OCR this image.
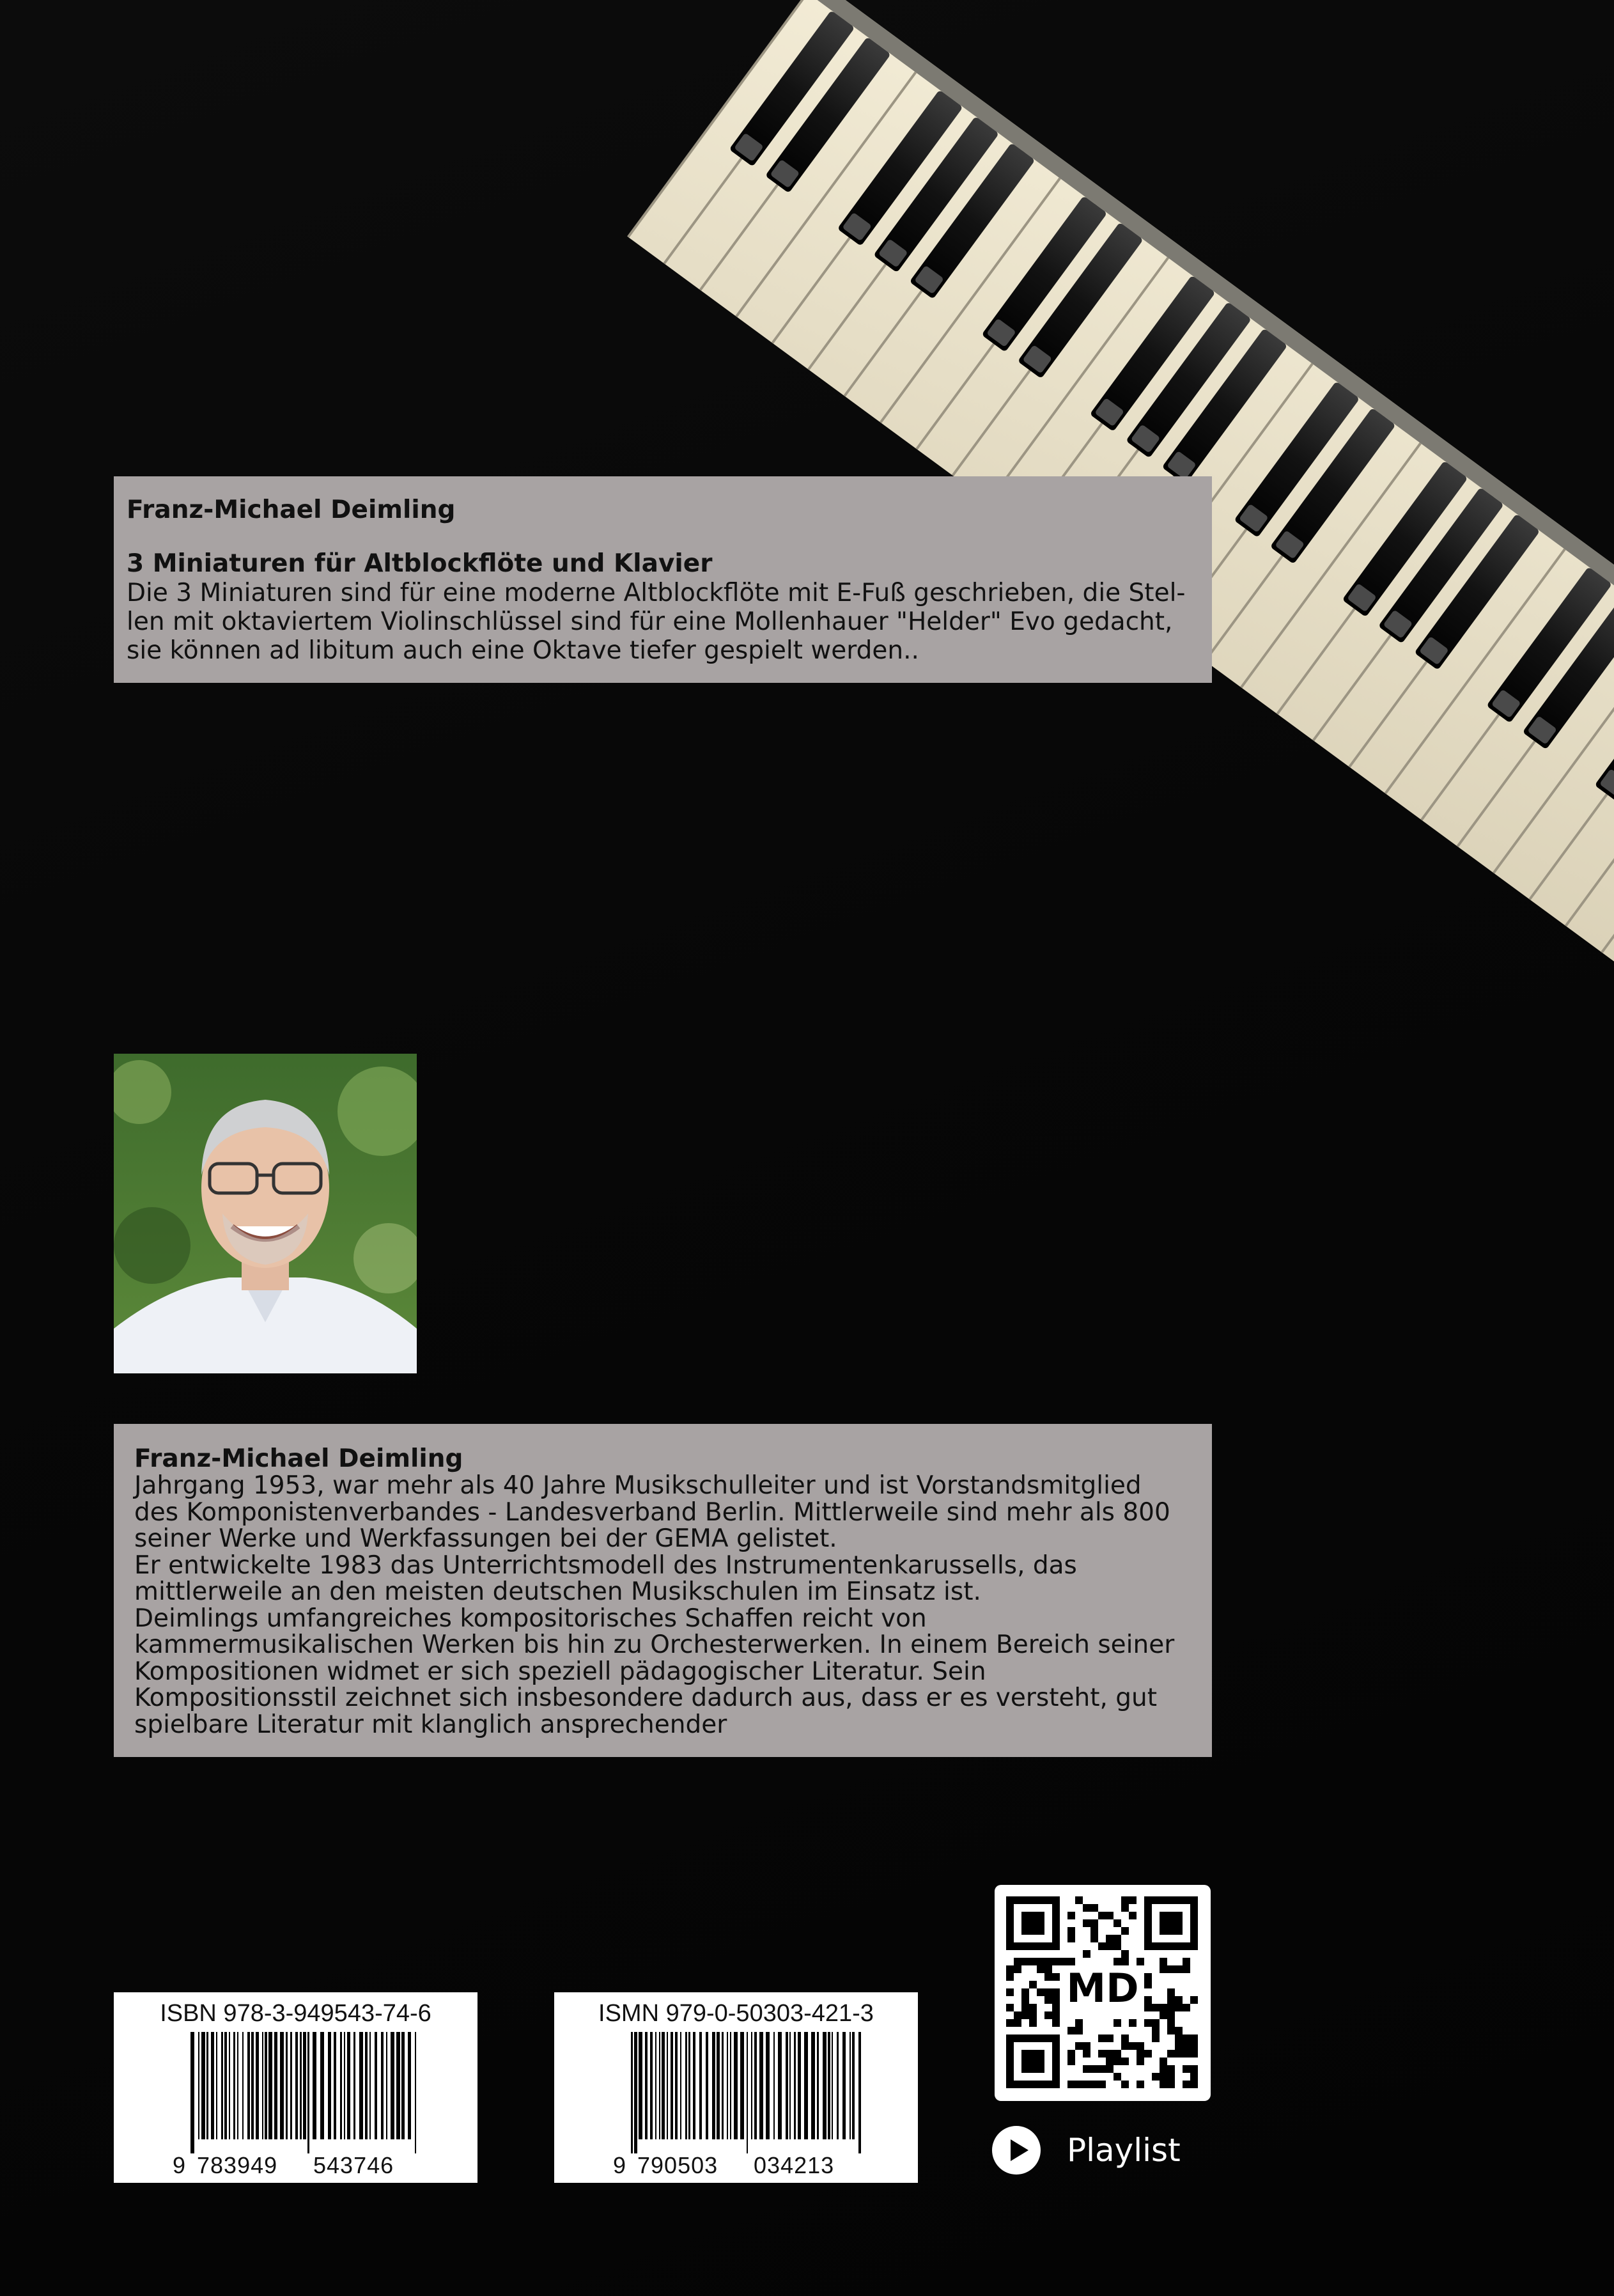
Franz-Michael Deimling
3 Miniaturen für Altblockflöte und Klavier
Die 3 Miniaturen sind für eine moderne Altblockflöte mit E-Fuß geschrieben, die Stel-
len mit oktaviertem Violinschlüssel sind für eine Mollenhauer "Helder" Evo gedacht,
sie können ad libitum auch eine Oktave tiefer gespielt werden..
Franz-Michael Deimling
Jahrgang 1953, war mehr als 40 Jahre Musikschulleiter und ist Vorstandsmitglied
des Komponistenverbandes - Landesverband Berlin. Mittlerweile sind mehr als 800
seiner Werke und Werkfassungen bei der GEMA gelistet.
Er entwickelte 1983 das Unterrichtsmodell des Instrumentenkarussells, das
mittlerweile an den meisten deutschen Musikschulen im Einsatz ist.
Deimlings umfangreiches kompositorisches Schaffen reicht von
kammermusikalischen Werken bis hin zu Orchesterwerken. In einem Bereich seiner
Kompositionen widmet er sich speziell pädagogischer Literatur. Sein
Kompositionsstil zeichnet sich insbesondere dadurch aus, dass er es versteht, gut
spielbare Literatur mit klanglich ansprechender
ISBN 978-3-949543-74-6
9 783949 543746
ISMN 979-0-50303-421-3
9 790503 034213
MD
Playlist
